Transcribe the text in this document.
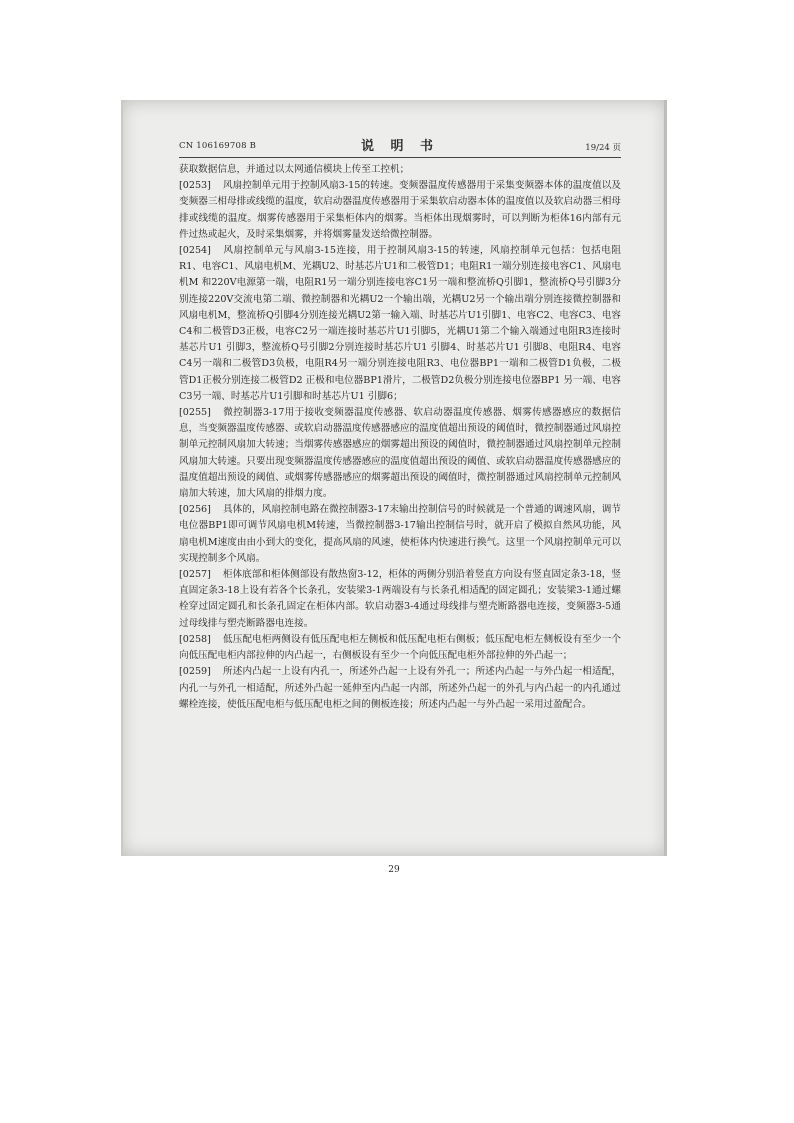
CN 106169708 B	说 明 书	19/24 页

获取数据信息，并通过以太网通信模块上传至工控机；

[0253] 风扇控制单元用于控制风扇3-15的转速。变频器温度传感器用于采集变频器本体的温度值以及变频器三相母排或线缆的温度，软启动器温度传感器用于采集软启动器本体的温度值以及软启动器三相母排或线缆的温度。烟雾传感器用于采集柜体内的烟雾。当柜体出现烟雾时，可以判断为柜体16内部有元件过热或起火，及时采集烟雾，并将烟雾量发送给微控制器。

[0254] 风扇控制单元与风扇3-15连接，用于控制风扇3-15的转速，风扇控制单元包括：包括电阻R1、电容C1、风扇电机M、光耦U2、时基芯片U1和二极管D1；电阻R1一端分别连接电容C1、风扇电机M 和220V电源第一端，电阻R1另一端分别连接电容C1另一端和整流桥Q引脚1，整流桥Q号引脚3分别连接220V交流电第二端、微控制器和光耦U2一个输出端，光耦U2另一个输出端分别连接微控制器和风扇电机M，整流桥Q引脚4分别连接光耦U2第一输入端、时基芯片U1引脚1、电容C2、电容C3、电容C4和二极管D3正极，电容C2另一端连接时基芯片U1引脚5，光耦U1第二个输入端通过电阻R3连接时基芯片U1 引脚3，整流桥Q号引脚2分别连接时基芯片U1 引脚4、时基芯片U1 引脚8、电阻R4、电容C4另一端和二极管D3负极，电阻R4另一端分别连接电阻R3、电位器BP1一端和二极管D1负极，二极管D1正极分别连接二极管D2 正极和电位器BP1滑片，二极管D2负极分别连接电位器BP1 另一端、电容C3另一端、时基芯片U1引脚和时基芯片U1 引脚6；

[0255] 微控制器3-17用于接收变频器温度传感器、软启动器温度传感器、烟雾传感器感应的数据信息，当变频器温度传感器、或软启动器温度传感器感应的温度值超出预设的阈值时，微控制器通过风扇控制单元控制风扇加大转速；当烟雾传感器感应的烟雾超出预设的阈值时，微控制器通过风扇控制单元控制风扇加大转速。只要出现变频器温度传感器感应的温度值超出预设的阈值、或软启动器温度传感器感应的温度值超出预设的阈值、或烟雾传感器感应的烟雾超出预设的阈值时，微控制器通过风扇控制单元控制风扇加大转速，加大风扇的排烟力度。

[0256] 具体的，风扇控制电路在微控制器3-17末输出控制信号的时候就是一个普通的调速风扇，调节电位器BP1即可调节风扇电机M转速，当微控制器3-17输出控制信号时，就开启了模拟自然风功能，风扇电机M速度由由小到大的变化，提高风扇的风速，使柜体内快速进行换气。这里一个风扇控制单元可以实现控制多个风扇。

[0257] 柜体底部和柜体侧部设有散热窗3-12，柜体的两侧分别沿着竖直方向设有竖直固定条3-18，竖直固定条3-18上设有若各个长条孔，安装梁3-1两端设有与长条孔相适配的固定圆孔；安装梁3-1通过螺栓穿过固定圆孔和长条孔固定在柜体内部。软启动器3-4通过母线排与塑壳断路器电连接，变频器3-5通过母线排与塑壳断路器电连接。

[0258] 低压配电柜两侧设有低压配电柜左侧板和低压配电柜右侧板；低压配电柜左侧板设有至少一个向低压配电柜内部拉伸的内凸起一，右侧板设有至少一个向低压配电柜外部拉伸的外凸起一；

[0259] 所述内凸起一上设有内孔一，所述外凸起一上设有外孔一；所述内凸起一与外凸起一相适配，内孔一与外孔一相适配，所述外凸起一延伸至内凸起一内部，所述外凸起一的外孔与内凸起一的内孔通过螺栓连接，使低压配电柜与低压配电柜之间的侧板连接；所述内凸起一与外凸起一采用过盈配合。

29
